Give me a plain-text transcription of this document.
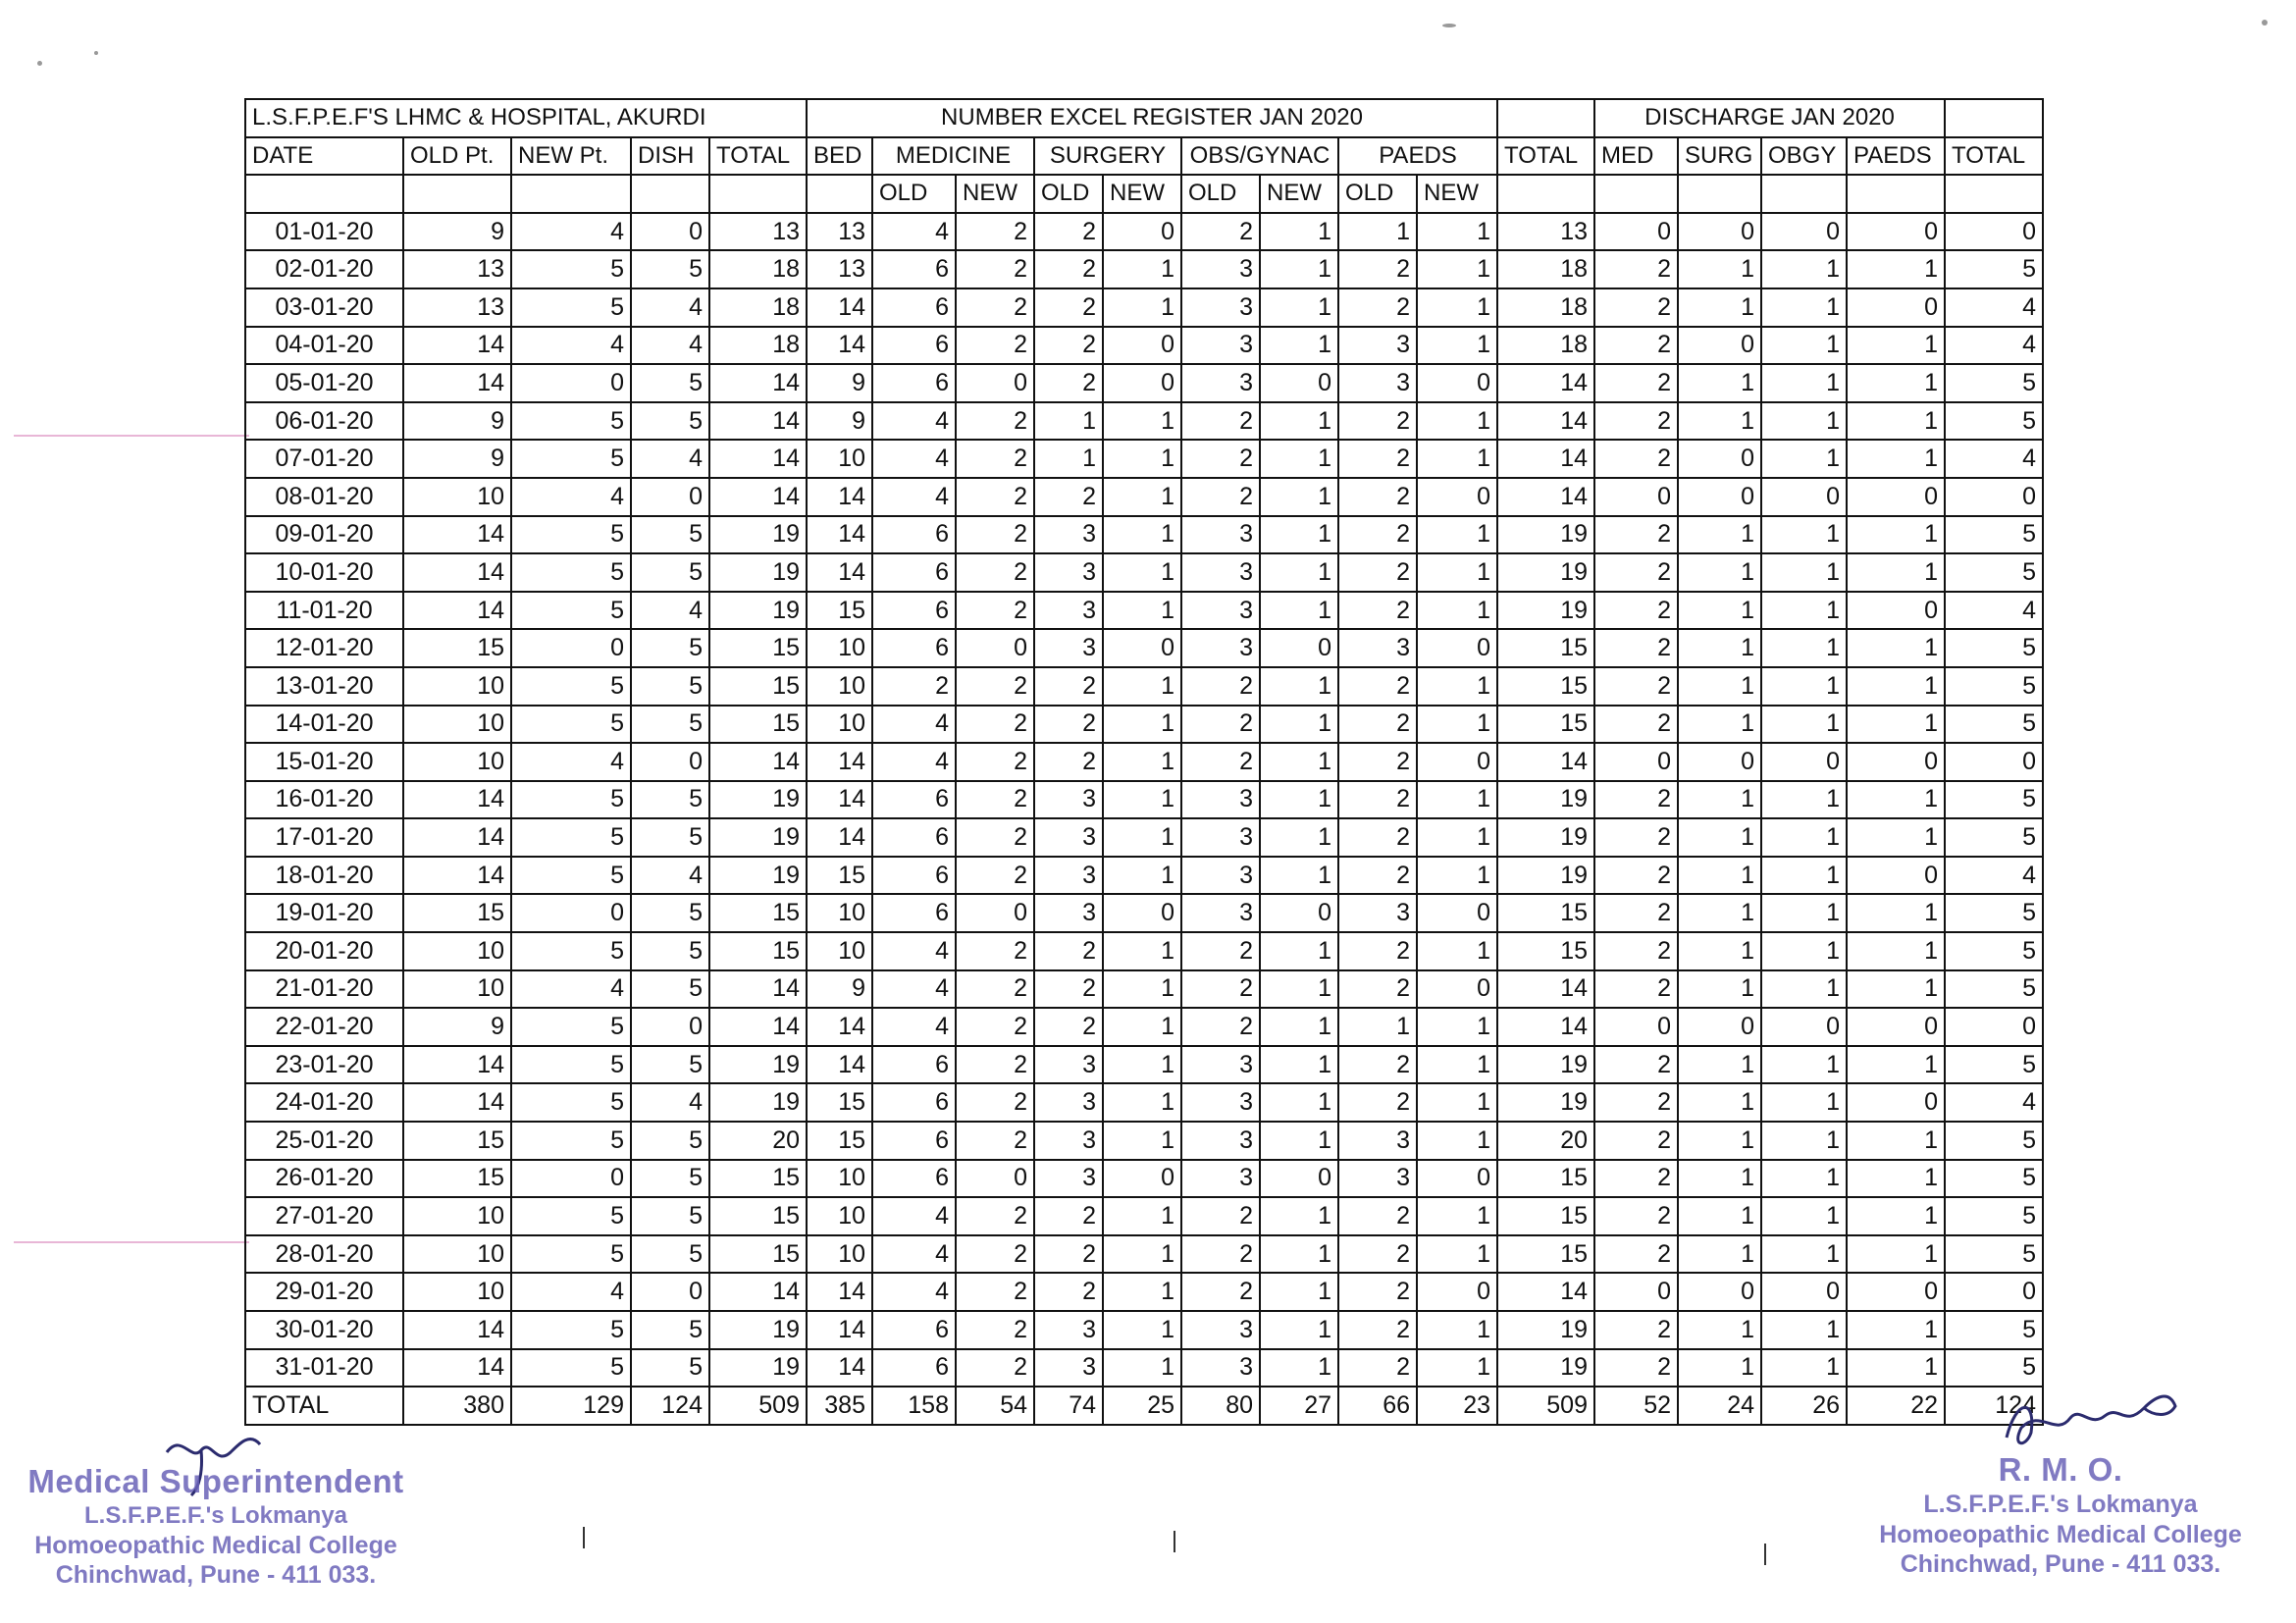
L.S.F.P.E.F'S LHMC & HOSPITAL, AKURDI					NUMBER EXCEL REGISTER JAN 2020										DISCHARGE JAN 2020				
DATE	OLD Pt.	NEW Pt.	DISH	TOTAL	BED	MEDICINE		SURGERY		OBS/GYNAC		PAEDS		TOTAL	MED	SURG	OBGY	PAEDS	TOTAL
						OLD	NEW	OLD	NEW	OLD	NEW	OLD	NEW						
01-01-20	9	4	0	13	13	4	2	2	0	2	1	1	1	13	0	0	0	0	0
02-01-20	13	5	5	18	13	6	2	2	1	3	1	2	1	18	2	1	1	1	5
03-01-20	13	5	4	18	14	6	2	2	1	3	1	2	1	18	2	1	1	0	4
04-01-20	14	4	4	18	14	6	2	2	0	3	1	3	1	18	2	0	1	1	4
05-01-20	14	0	5	14	9	6	0	2	0	3	0	3	0	14	2	1	1	1	5
06-01-20	9	5	5	14	9	4	2	1	1	2	1	2	1	14	2	1	1	1	5
07-01-20	9	5	4	14	10	4	2	1	1	2	1	2	1	14	2	0	1	1	4
08-01-20	10	4	0	14	14	4	2	2	1	2	1	2	0	14	0	0	0	0	0
09-01-20	14	5	5	19	14	6	2	3	1	3	1	2	1	19	2	1	1	1	5
10-01-20	14	5	5	19	14	6	2	3	1	3	1	2	1	19	2	1	1	1	5
11-01-20	14	5	4	19	15	6	2	3	1	3	1	2	1	19	2	1	1	0	4
12-01-20	15	0	5	15	10	6	0	3	0	3	0	3	0	15	2	1	1	1	5
13-01-20	10	5	5	15	10	2	2	2	1	2	1	2	1	15	2	1	1	1	5
14-01-20	10	5	5	15	10	4	2	2	1	2	1	2	1	15	2	1	1	1	5
15-01-20	10	4	0	14	14	4	2	2	1	2	1	2	0	14	0	0	0	0	0
16-01-20	14	5	5	19	14	6	2	3	1	3	1	2	1	19	2	1	1	1	5
17-01-20	14	5	5	19	14	6	2	3	1	3	1	2	1	19	2	1	1	1	5
18-01-20	14	5	4	19	15	6	2	3	1	3	1	2	1	19	2	1	1	0	4
19-01-20	15	0	5	15	10	6	0	3	0	3	0	3	0	15	2	1	1	1	5
20-01-20	10	5	5	15	10	4	2	2	1	2	1	2	1	15	2	1	1	1	5
21-01-20	10	4	5	14	9	4	2	2	1	2	1	2	0	14	2	1	1	1	5
22-01-20	9	5	0	14	14	4	2	2	1	2	1	1	1	14	0	0	0	0	0
23-01-20	14	5	5	19	14	6	2	3	1	3	1	2	1	19	2	1	1	1	5
24-01-20	14	5	4	19	15	6	2	3	1	3	1	2	1	19	2	1	1	0	4
25-01-20	15	5	5	20	15	6	2	3	1	3	1	3	1	20	2	1	1	1	5
26-01-20	15	0	5	15	10	6	0	3	0	3	0	3	0	15	2	1	1	1	5
27-01-20	10	5	5	15	10	4	2	2	1	2	1	2	1	15	2	1	1	1	5
28-01-20	10	5	5	15	10	4	2	2	1	2	1	2	1	15	2	1	1	1	5
29-01-20	10	4	0	14	14	4	2	2	1	2	1	2	0	14	0	0	0	0	0
30-01-20	14	5	5	19	14	6	2	3	1	3	1	2	1	19	2	1	1	1	5
31-01-20	14	5	5	19	14	6	2	3	1	3	1	2	1	19	2	1	1	1	5
TOTAL	380	129	124	509	385	158	54	74	25	80	27	66	23	509	52	24	26	22	124
Medical Superintendent
L.S.F.P.E.F.'s Lokmanya
Homoeopathic Medical College
Chinchwad, Pune - 411 033.
R. M. O.
L.S.F.P.E.F.'s Lokmanya
Homoeopathic Medical College
Chinchwad, Pune - 411 033.
